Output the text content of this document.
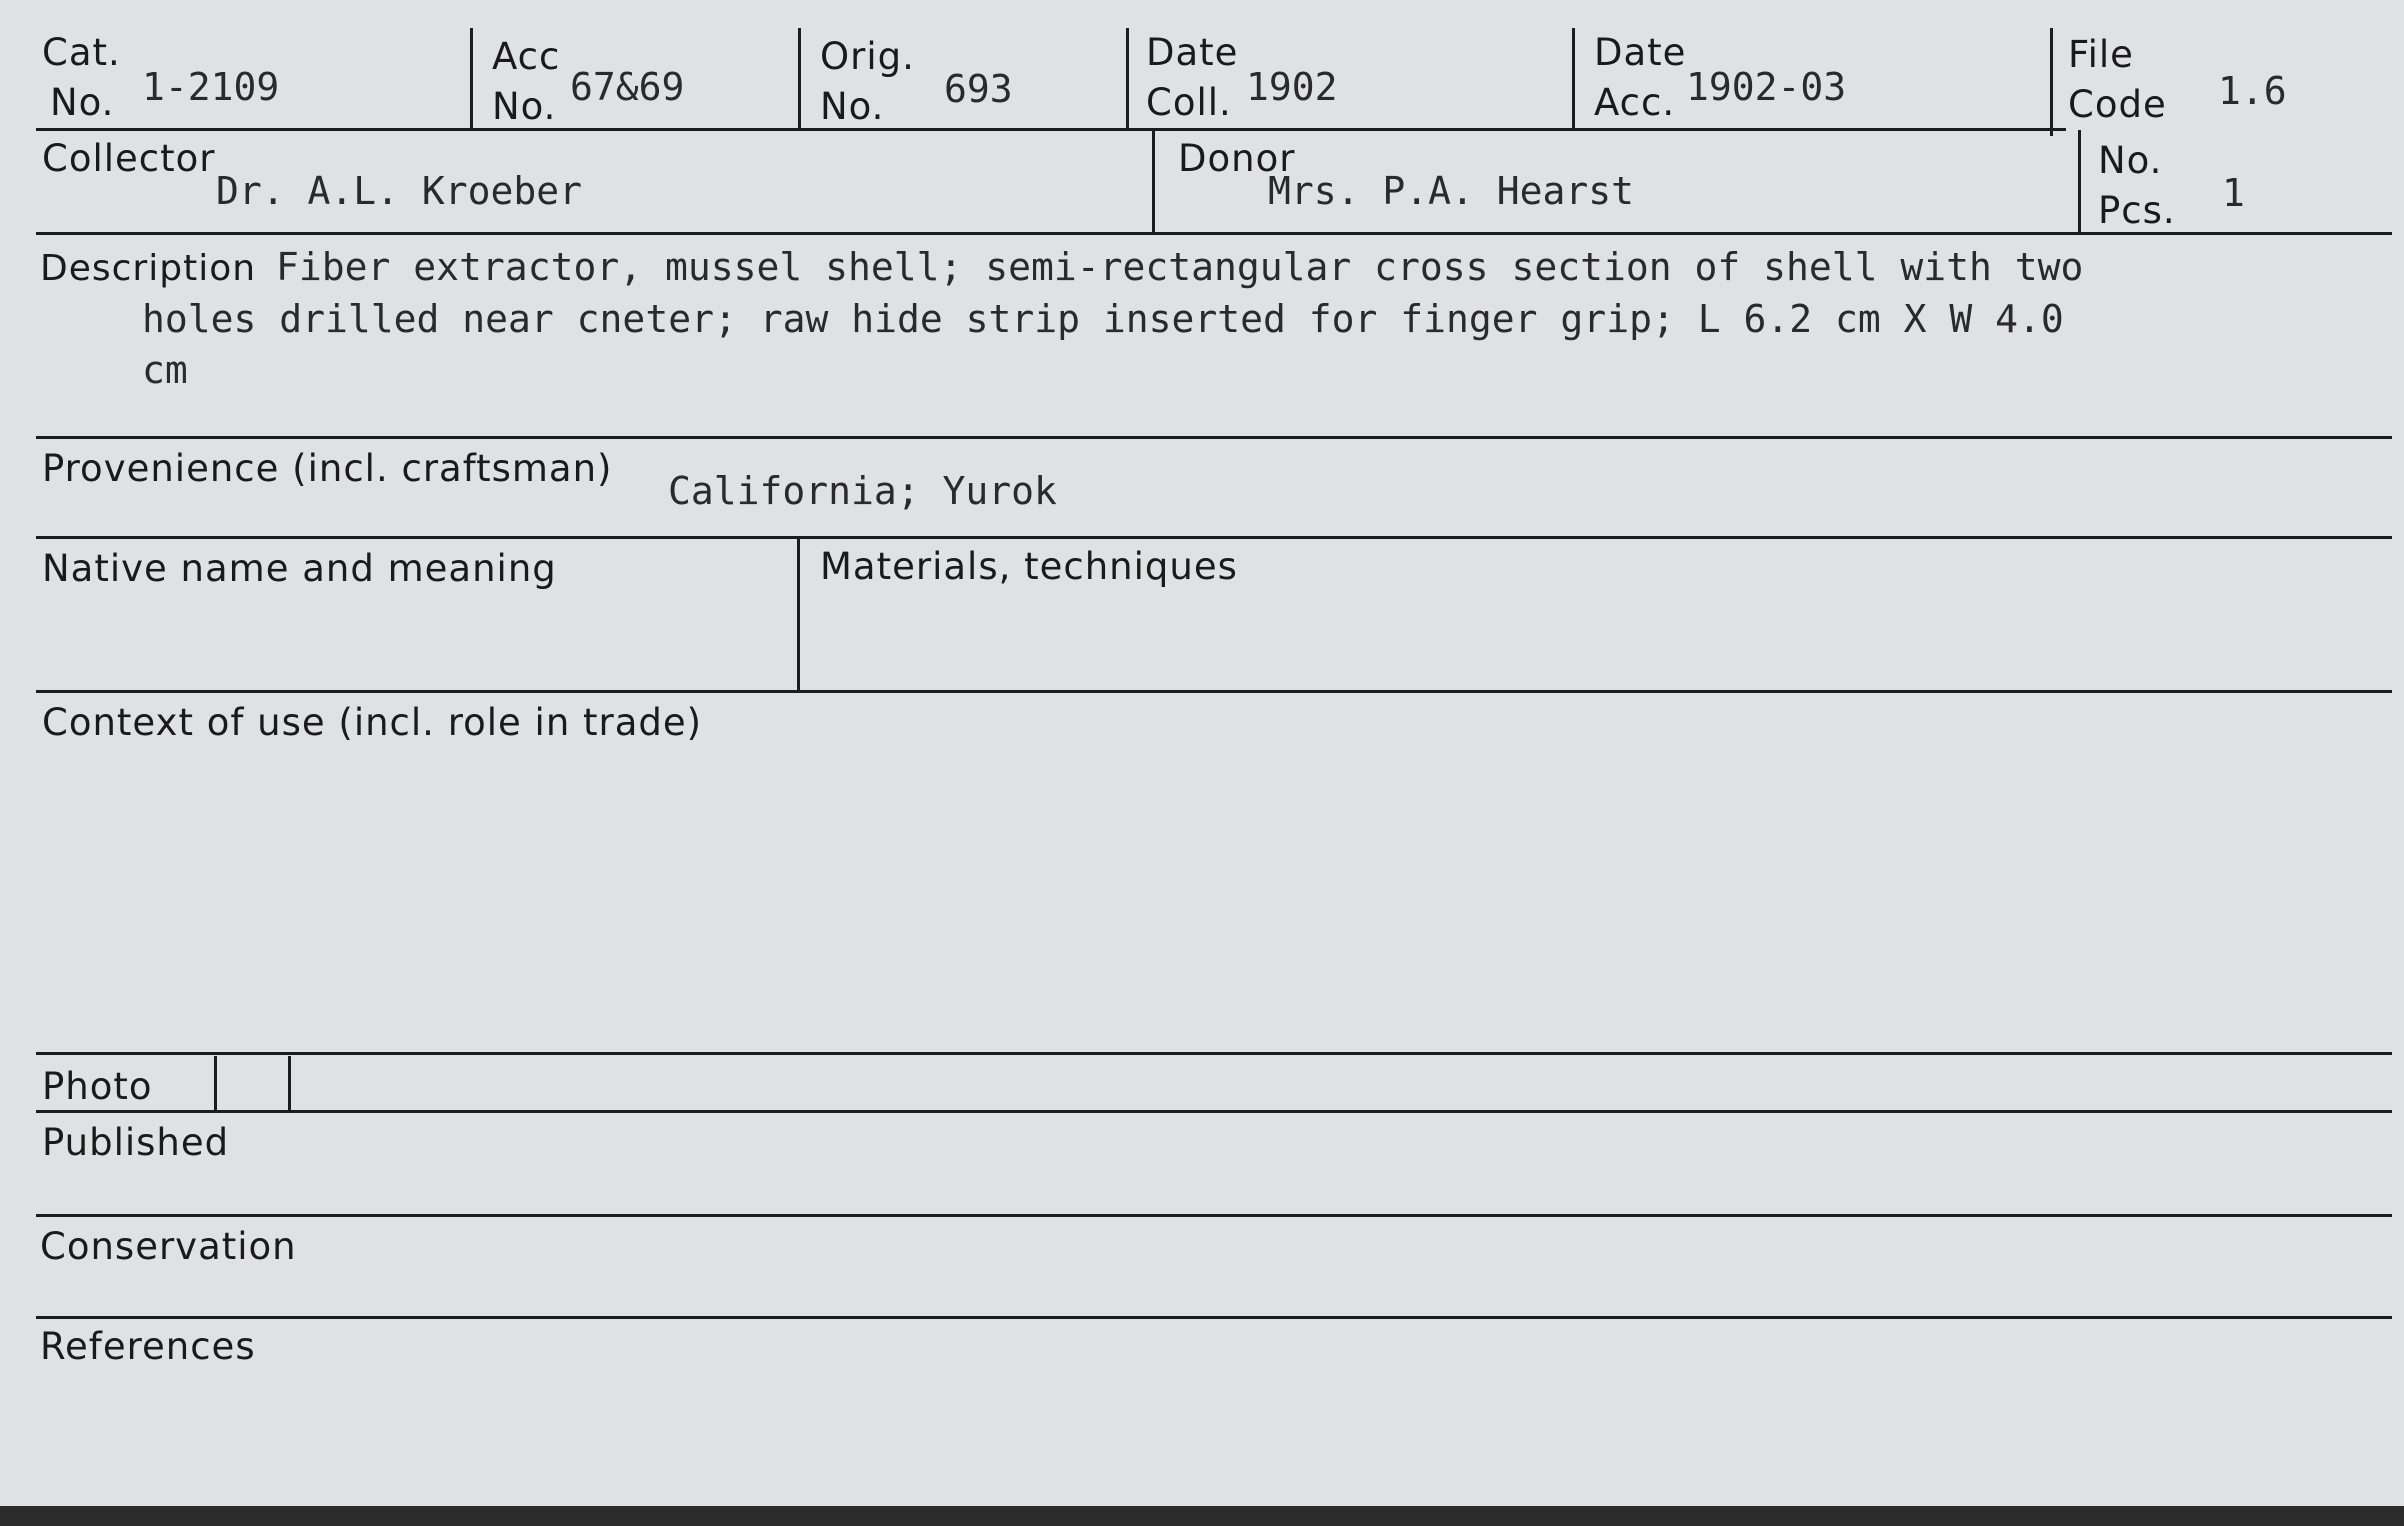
Cat.
No. 1-2109
Acc
No. 67&69
Orig.
No. 693
Date
Coll. 1902
Date
Acc. 1902-03
File
Code 1.6
Collector
Dr. A.L. Kroeber
Donor
Mrs. P.A. Hearst
No.
Pcs. 1
Description Fiber extractor, mussel shell; semi-rectangular cross section of shell with two
holes drilled near cneter; raw hide strip inserted for finger grip; L 6.2 cm X W 4.0
cm
Provenience (incl. craftsman)
California; Yurok
Native name and meaning	Materials, techniques
Context of use (incl. role in trade)
Photo
Published
Conservation
References
